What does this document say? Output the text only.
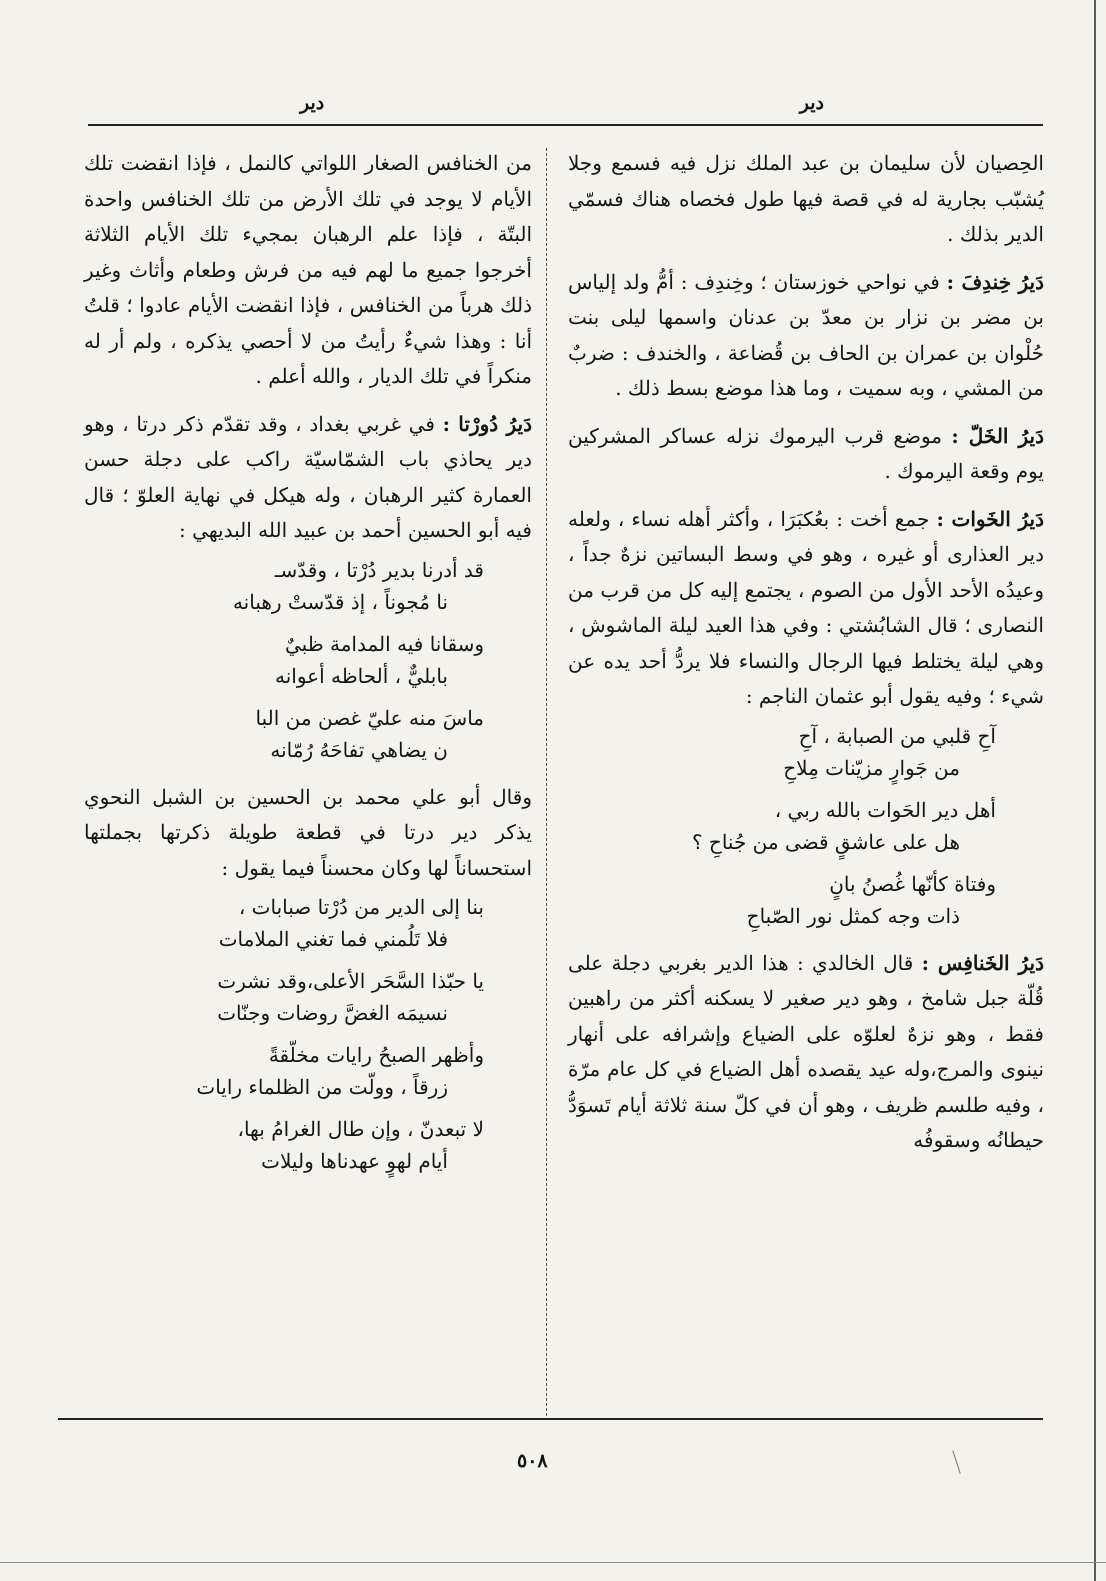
دير
دير

الحِصيان لأن سليمان بن عبد الملك نزل فيه فسمع وجلا يُشبّب بجارية له في قصة فيها طول فخصاه هناك فسمّي الدير بذلك .

دَيرُ خِندِفَ : في نواحي خوزستان ؛ وخِندِف : أمُّ ولد إلياس بن مضر بن نزار بن معدّ بن عدنان واسمها ليلى بنت حُلْوان بن عمران بن الحاف بن قُضاعة ، والخندف : ضربٌ من المشي ، وبه سميت ، وما هذا موضع بسط ذلك .

دَيرُ الخَلّ : موضع قرب اليرموك نزله عساكر المشركين يوم وقعة اليرموك .

دَيرُ الخَوات : جمع أخت : بعُكبَرَا ، وأكثر أهله نساء ، ولعله دير العذارى أو غيره ، وهو في وسط البساتين نزهٌ جداً ، وعيدُه الأحد الأول من الصوم ، يجتمع إليه كل من قرب من النصارى ؛ قال الشابُشتي : وفي هذا العيد ليلة الماشوش ، وهي ليلة يختلط فيها الرجال والنساء فلا يردُّ أحد يده عن شيء ؛ وفيه يقول أبو عثمان الناجم :

آحِ قلبي من الصبابة ، آحِ
من جَوارٍ مزيّنات مِلاحِ
أهل دير الحَوات بالله ربي ،
هل على عاشقٍ قضى من جُناحِ ؟
وفتاة كأنّها غُصنُ بانٍ
ذات وجه كمثل نور الصّباحِ

دَيرُ الخَنافِس : قال الخالدي : هذا الدير بغربي دجلة على قُلّة جبل شامخ ، وهو دير صغير لا يسكنه أكثر من راهبين فقط ، وهو نزهٌ لعلوّه على الضياع وإشرافه على أنهار نينوى والمرج،وله عيد يقصده أهل الضياع في كل عام مرّة ، وفيه طلسم ظريف ، وهو أن في كلّ سنة ثلاثة أيام تَسوَدُّ حيطانُه وسقوفُه

من الخنافس الصغار اللواتي كالنمل ، فإذا انقضت تلك الأيام لا يوجد في تلك الأرض من تلك الخنافس واحدة البتّة ، فإذا علم الرهبان بمجيء تلك الأيام الثلاثة أخرجوا جميع ما لهم فيه من فرش وطعام وأثاث وغير ذلك هرباً من الخنافس ، فإذا انقضت الأيام عادوا ؛ قلتُ أنا : وهذا شيءٌ رأيتُ من لا أحصي يذكره ، ولم أر له منكراً في تلك الديار ، والله أعلم .

دَيرُ دُورْتا : في غربي بغداد ، وقد تقدّم ذكر درتا ، وهو دير يحاذي باب الشمّاسيّة راكب على دجلة حسن العمارة كثير الرهبان ، وله هيكل في نهاية العلوّ ؛ قال فيه أبو الحسين أحمد بن عبيد الله البديهي :

قد أدرنا بدير دُرْتا ، وقدّسـ
نا مُجوناً ، إذ قدّستْ رهبانه
وسقانا فيه المدامة ظبيٌ
بابليٌّ ، ألحاظه أعوانه
ماسَ منه عليّ غصن من البا
ن يضاهي تفاحَهُ رُمّانه

وقال أبو علي محمد بن الحسين بن الشبل النحوي يذكر دير درتا في قطعة طويلة ذكرتها بجملتها استحساناً لها وكان محسناً فيما يقول :

بنا إلى الدير من دُرْتا صبابات ،
فلا تَلُمني فما تغني الملامات
يا حبّذا السَّحَر الأعلى،وقد نشرت
نسيمَه الغضَّ روضات وجنّات
وأظهر الصبحُ رايات مخلّقةً
زرقاً ، وولّت من الظلماء رايات
لا تبعدنّ ، وإن طال الغرامُ بها،
أيام لهوٍ عهدناها وليلات
٥٠٨
